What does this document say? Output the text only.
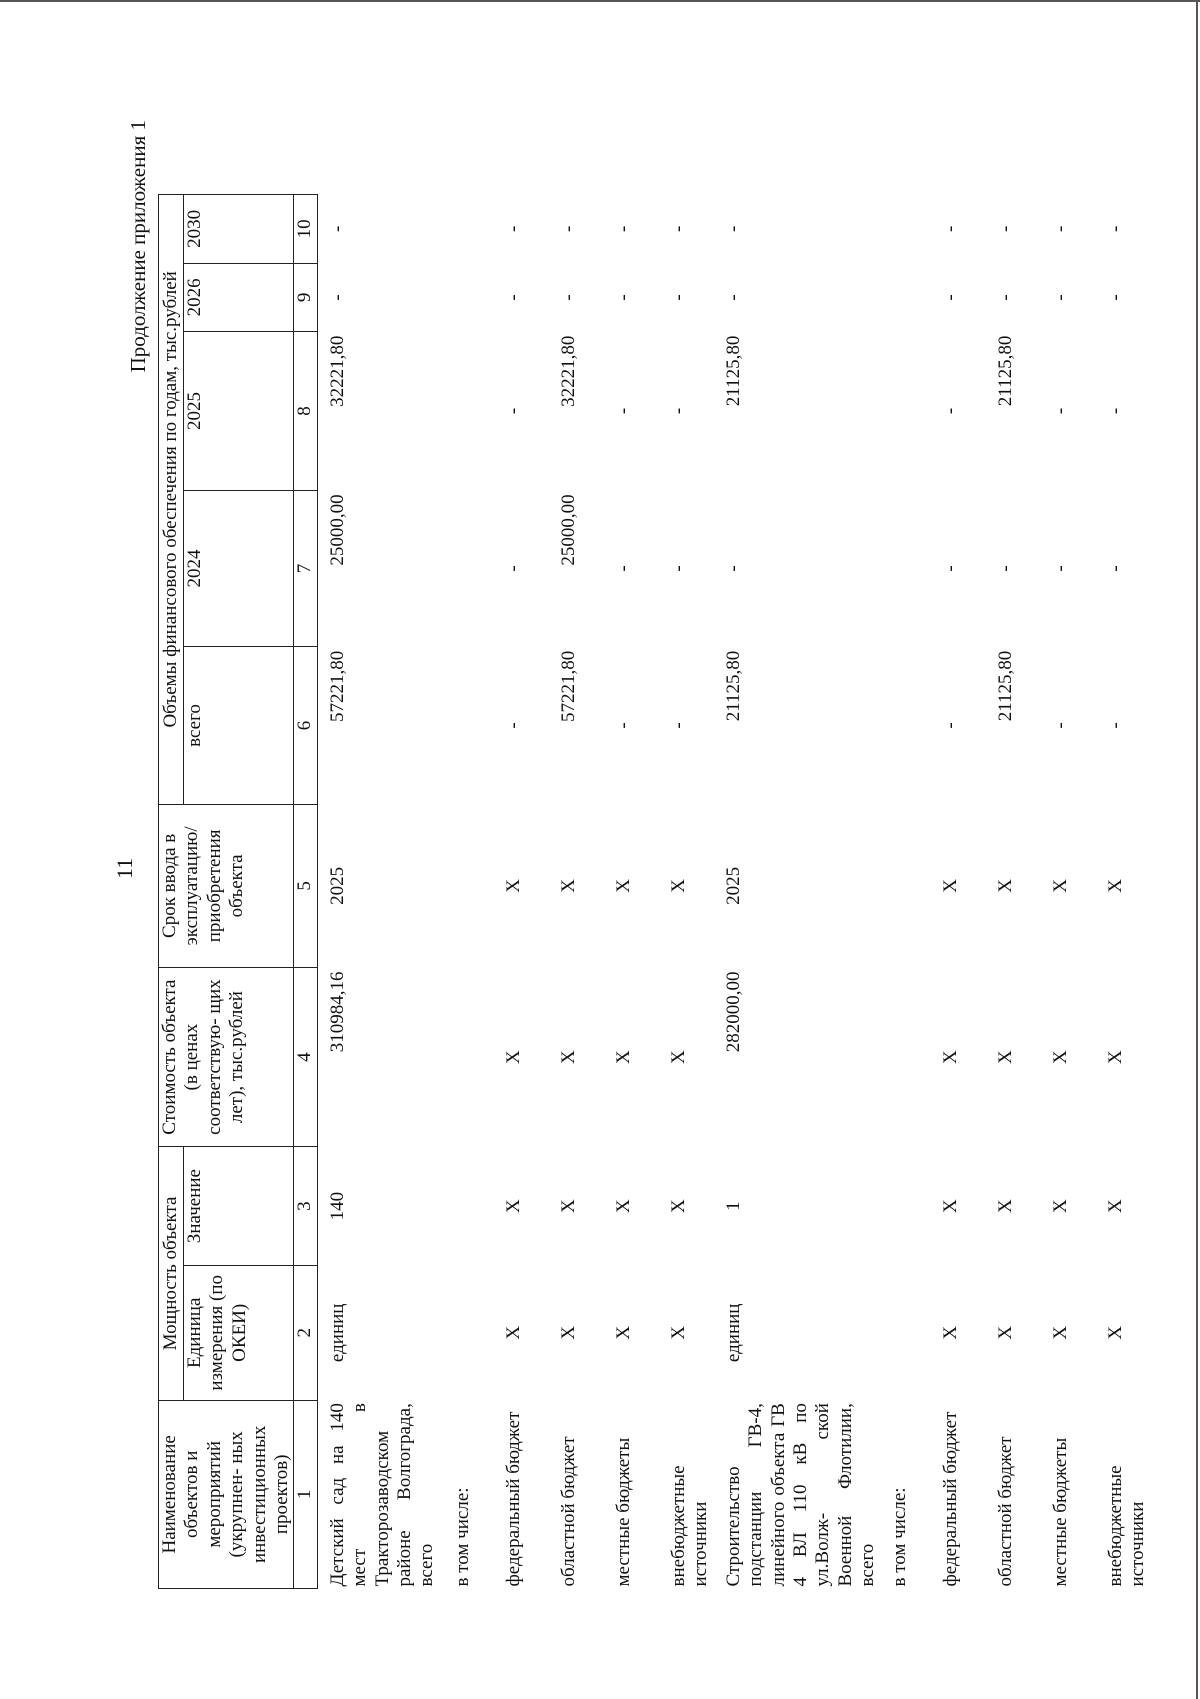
11
Продолжение приложения 1
Наименование объектов и мероприятий (укрупнен- ных инвестиционных проектов)	Мощность объекта		Стоимость объекта (в ценах соответствую- щих лет), тыс.рублей	Срок ввода в эксплуатацию/ приобретения объекта	Объемы финансового обеспечения по годам, тыс.рублей				
	Единица измерения (по ОКЕИ)	Значение			всего	2024	2025	2026	2030
1	2	3	4	5	6	7	8	9	10
Детский сад на 140 мест в Тракторозаводском районе Волгограда, всего	единиц	140	310984,16	2025	57221,80	25000,00	32221,80	-	-
в том числе:									
федеральный бюджет	X	X	X	X	-	-	-	-	-
областной бюджет	X	X	X	X	57221,80	25000,00	32221,80	-	-
местные бюджеты	X	X	X	X	-	-	-	-	-
внебюджетные источники	X	X	X	X	-	-	-	-	-
Строительство подстанции ГВ-4, линейного объекта ГВ 4 ВЛ 110 кВ по ул.Волж- ской Военной Флотилии, всего	единиц	1	282000,00	2025	21125,80	-	21125,80	-	-
в том числе:									
федеральный бюджет	X	X	X	X	-	-	-	-	-
областной бюджет	X	X	X	X	21125,80	-	21125,80	-	-
местные бюджеты	X	X	X	X	-	-	-	-	-
внебюджетные источники	X	X	X	X	-	-	-	-	-
